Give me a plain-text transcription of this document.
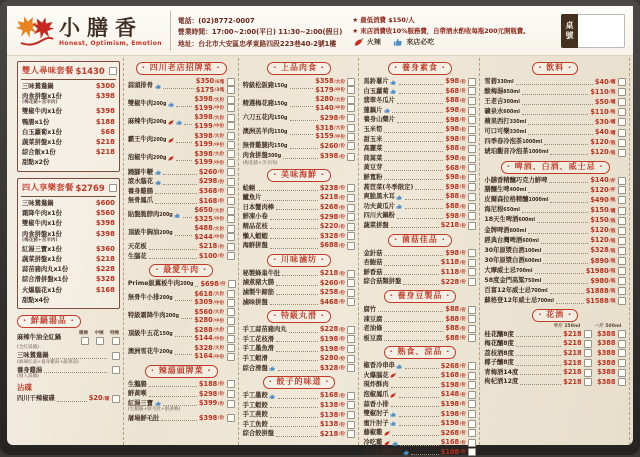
小膳香
Honest, Optimism, Emotion
電話：(02)8772-0007
營業時間：17:00~2:00(平日) 11:30~2:00(假日)
地址：台北市大安區忠孝東路四段223巷40-2號1樓
★ 最低消費 $150/人
★ 來店消費收10%服務費，自帶酒水酌收每瓶200元開瓶費。
火辣	來店必吃
桌號
雙人尋味套餐 $1430
三味鴛鴦鍋	$300
肉食拼盤x1份
(梅花豬+羔羊肉)
$398
雙椒牛肉x1份	$398
鴨腸x1份	$188
白玉蘿蔔x1份	$68
蔬菜拼盤x1份	$218
綜合飯x1份	$218
甜點x2份
四人享樂套餐 $2769
三味鴛鴦鍋	$600
霜降牛肉x1份	$560
雙椒牛肉x1份	$398
肉食拼盤x1份
(梅花豬+羔羊肉)
$398
紅湯三寶x1份	$360
蔬菜拼盤x1份	$218
蒜苗豬肉丸x1份	$228
綜合滑拼盤x1份	$328
火爆腦花x1份	$168
甜點x4份
· 鮮鍋湯品 ·
麻辣牛油全紅鍋
微辣 中辣 特辣
(全紅湯鍋)
三味鴛鴦鍋
(麻辣紅湯+養身雞湯+蔬菜湯)
養身雞湯
(個人湯鍋)
沾碟
四川干辣椒碟	$20 /碟
· 四川老店招牌菜 ·
蒜頭排骨
$350 /6塊
$175 /3塊
雙椒牛肉200g
$398 /大份
$199 /中份
麻辣牛肉200g
$398 /大份
$199 /中份
霸王牛肉200g
$398 /大份
$199 /中份
泡椒牛肉200g
$398 /大份
$199 /中份
蹺腳牛鞭	$260 /份
滾水腦花	$298 /份
養身雞腸	$368 /份
無骨鳳爪	$168 /份
貼盤脆脖肉200g
$650 /大份
$325 /中份
頂級牛胸油200g
$488 /大份
$244 /中份
天花板	$218 /份
生腦花	$100 /份
· 最愛牛肉 ·
Prime級翼板牛肉200g $698 /份
無骨牛小排200g
$618 /大份
$309 /中份
特級霜降牛肉200g
$560 /大份
$280 /中份
頂級牛五花150g
$288 /大份
$144 /中份
澳洲雪花牛200g
$328 /大份
$164 /中份
· 辣湯頭牌菜 ·
生鵝腸	$188 /份
鮮黃喉	$298 /份
紅湯三寶	$399 /份
(生鵝腸+鮮毛肚+鮮黃喉)
屠場鮮毛肚	$398 /份
· 上品肉食 ·
特級松阪豬150g
$358 /大份
$179 /中份
精選梅花豬150g
$280 /大份
$140 /中份
六刀五花肉150g	$298 /份
澳洲羔羊肉150g
$318 /大份
$159 /中份
無骨雞腿肉150g	$260 /份
肉食拼盤300g	$398 /份
(梅花豬+羔羊肉)
· 美味海鮮 ·
蛤蜊	$238 /份
鱸魚片	$218 /份
日本蟹肉棒	$268 /份
鮮凍小卷	$298 /份
精品花枝	$220 /份
懶人蝦蝦	$328 /份
海鮮拼盤	$688 /份
· 川味滷坊 ·
秘製蜂巢牛肚	$218 /份
滷煮豬大腸	$260 /份
滷製牛蹄筋	$258 /份
滷味拼盤	$468 /份
· 特級丸滑 ·
手工蒜苗豬肉丸	$228 /份
手工花枝滑	$198 /份
手工墨魚滑	$198 /份
手工蝦滑	$280 /份
綜合滑盤	$328 /份
· 餃子的味道 ·
手工墨餃	$168 /份
手工蝦餃	$138 /份
手工燕餃	$138 /份
手工魚餃	$138 /份
綜合餃拼盤	$218 /份
· 養身素食 ·
馬鈴薯片	$98 /份
白玉蘿蔔	$68 /份
翡翠冬瓜片	$88 /份
蓮藕片	$98 /份
養身山藥片	$98 /份
玉米筍	$98 /份
甜玉米	$98 /份
高麗菜	$88 /份
茼蒿菜	$98 /份
黃豆芽	$68 /份
鮮寬粉	$98 /份
萵苣菜(冬季限定)	$98 /份
爽脆黑木耳	$88 /份
功夫黃瓜片	$88 /份
四川火鍋粉	$98 /份
蔬菜拼盤	$218 /份
· 菌菇佳品 ·
金針菇	$98 /份
杏鮑菇	$118 /份
鮮香菇	$118 /份
綜合菇類拼盤	$228 /份
· 養身豆製品 ·
腐竹	$88 /份
凍豆腐	$88 /份
老油條	$88 /份
板豆腐	$88 /份
· 熟食、涼品 ·
椒香冷串串	$268 /份
火爆腦花	$168 /份
現炸酥肉	$198 /份
泡椒鳳爪	$148 /份
蒜香小排	$198 /份
雙椒肘子	$198 /份
蜜汁肘子	$198 /份
藤椒雞	$268 /份
冷吃雞	$168 /份
手工紅糖糍粑	$108 /份
· 飲料 ·
雪碧330ml	$40 /罐
酸梅湯850ml	$110 /瓶
王老吉300ml	$50 /罐
礦泉水600ml	$110 /瓶
蘋果西打330ml	$30 /罐
可口可樂330ml	$40 /罐
四季春冷泡茶1000ml	$120 /瓶
琥珀觀音冷泡茶1000ml	$120 /瓶
· 啤酒、白酒、威士忌 ·
小膳香精釀巧克力鮮啤	$140 /杯
膳釀生啤400ml	$120 /杯
皮爾森拉格精釀1000ml	$490 /瓶
海尼根650ml	$150 /罐
18天生啤酒600ml	$150 /瓶
金牌啤酒600ml	$120 /瓶
經典台灣啤酒600ml	$120 /瓶
30年原漿白酒100ml	$328 /瓶
30年原漿白酒600ml	$890 /瓶
大摩威士忌700ml	$1980 /瓶
58度金門高粱750ml	$980 /瓶
百富12年威士忌700ml	$1888 /瓶
蘇格登12年威士忌700ml	$1588 /瓶
· 花酒 ·
半斤 250ml	一斤 500ml
桂花釀8度	$218 $388
梅花釀8度	$218 $388
荔枝酒8度	$218 $388
椰子釀8度	$218 $388
青梅酒14度	$218 $388
枸杞酒12度	$218 $388
